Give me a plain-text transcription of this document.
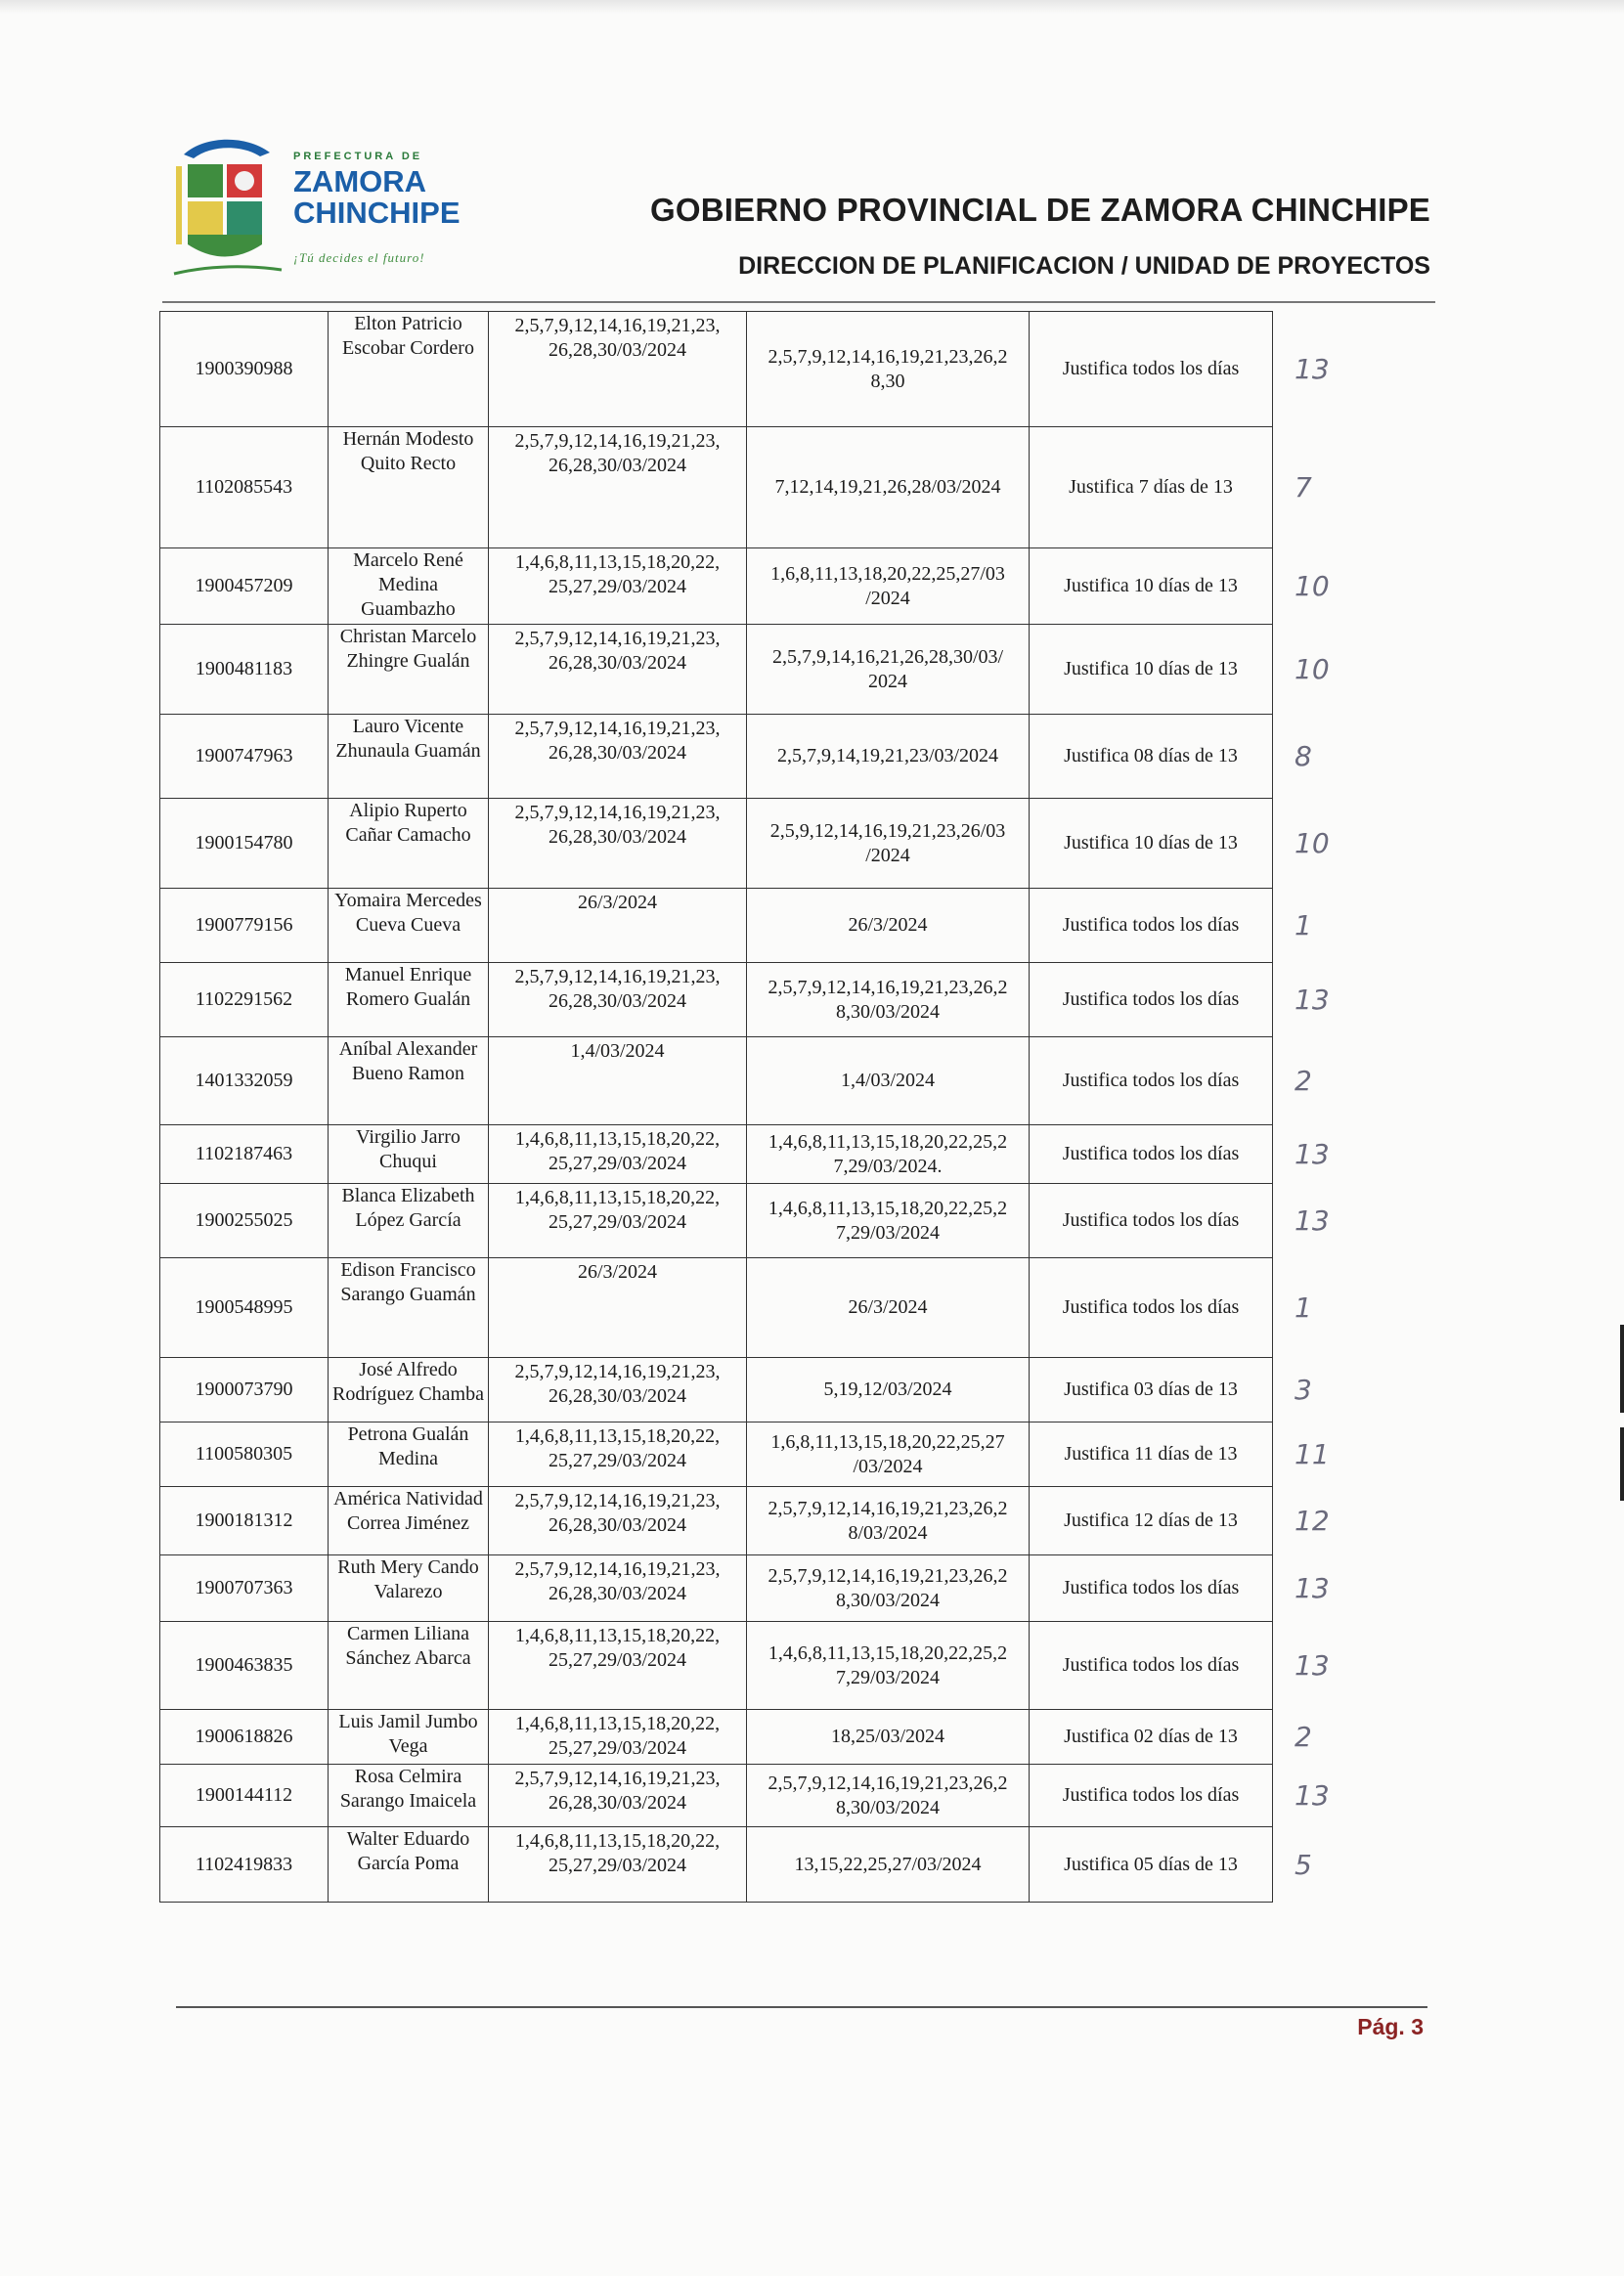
PREFECTURA DE
ZAMORA
CHINCHIPE
¡Tú decides el futuro!
GOBIERNO PROVINCIAL DE ZAMORA CHINCHIPE
DIRECCION DE PLANIFICACION / UNIDAD DE PROYECTOS
1900390988	Elton Patricio Escobar Cordero	2,5,7,9,12,14,16,19,21,23, 26,28,30/03/2024	2,5,7,9,12,14,16,19,21,23,26,2 8,30	Justifica todos los días	13
1102085543	Hernán Modesto Quito Recto	2,5,7,9,12,14,16,19,21,23, 26,28,30/03/2024	7,12,14,19,21,26,28/03/2024	Justifica 7 días de 13	7
1900457209	Marcelo René Medina Guambazho	1,4,6,8,11,13,15,18,20,22, 25,27,29/03/2024	1,6,8,11,13,18,20,22,25,27/03 /2024	Justifica 10 días de 13	10
1900481183	Christan Marcelo Zhingre Gualán	2,5,7,9,12,14,16,19,21,23, 26,28,30/03/2024	2,5,7,9,14,16,21,26,28,30/03/ 2024	Justifica 10 días de 13	10
1900747963	Lauro Vicente Zhunaula Guamán	2,5,7,9,12,14,16,19,21,23, 26,28,30/03/2024	2,5,7,9,14,19,21,23/03/2024	Justifica 08 días de 13	8
1900154780	Alipio Ruperto Cañar Camacho	2,5,7,9,12,14,16,19,21,23, 26,28,30/03/2024	2,5,9,12,14,16,19,21,23,26/03 /2024	Justifica 10 días de 13	10
1900779156	Yomaira Mercedes Cueva Cueva	26/3/2024	26/3/2024	Justifica todos los días	1
1102291562	Manuel Enrique Romero Gualán	2,5,7,9,12,14,16,19,21,23, 26,28,30/03/2024	2,5,7,9,12,14,16,19,21,23,26,2 8,30/03/2024	Justifica todos los días	13
1401332059	Aníbal Alexander Bueno Ramon	1,4/03/2024	1,4/03/2024	Justifica todos los días	2
1102187463	Virgilio Jarro Chuqui	1,4,6,8,11,13,15,18,20,22, 25,27,29/03/2024	1,4,6,8,11,13,15,18,20,22,25,2 7,29/03/2024.	Justifica todos los días	13
1900255025	Blanca Elizabeth López García	1,4,6,8,11,13,15,18,20,22, 25,27,29/03/2024	1,4,6,8,11,13,15,18,20,22,25,2 7,29/03/2024	Justifica todos los días	13
1900548995	Edison Francisco Sarango Guamán	26/3/2024	26/3/2024	Justifica todos los días	1
1900073790	José Alfredo Rodríguez Chamba	2,5,7,9,12,14,16,19,21,23, 26,28,30/03/2024	5,19,12/03/2024	Justifica 03 días de 13	3
1100580305	Petrona Gualán Medina	1,4,6,8,11,13,15,18,20,22, 25,27,29/03/2024	1,6,8,11,13,15,18,20,22,25,27 /03/2024	Justifica 11 días de 13	11
1900181312	América Natividad Correa Jiménez	2,5,7,9,12,14,16,19,21,23, 26,28,30/03/2024	2,5,7,9,12,14,16,19,21,23,26,2 8/03/2024	Justifica 12 días de 13	12
1900707363	Ruth Mery Cando Valarezo	2,5,7,9,12,14,16,19,21,23, 26,28,30/03/2024	2,5,7,9,12,14,16,19,21,23,26,2 8,30/03/2024	Justifica todos los días	13
1900463835	Carmen Liliana Sánchez Abarca	1,4,6,8,11,13,15,18,20,22, 25,27,29/03/2024	1,4,6,8,11,13,15,18,20,22,25,2 7,29/03/2024	Justifica todos los días	13
1900618826	Luis Jamil Jumbo Vega	1,4,6,8,11,13,15,18,20,22, 25,27,29/03/2024	18,25/03/2024	Justifica 02 días de 13	2
1900144112	Rosa Celmira Sarango Imaicela	2,5,7,9,12,14,16,19,21,23, 26,28,30/03/2024	2,5,7,9,12,14,16,19,21,23,26,2 8,30/03/2024	Justifica todos los días	13
1102419833	Walter Eduardo García Poma	1,4,6,8,11,13,15,18,20,22, 25,27,29/03/2024	13,15,22,25,27/03/2024	Justifica 05 días de 13	5
Pág. 3
